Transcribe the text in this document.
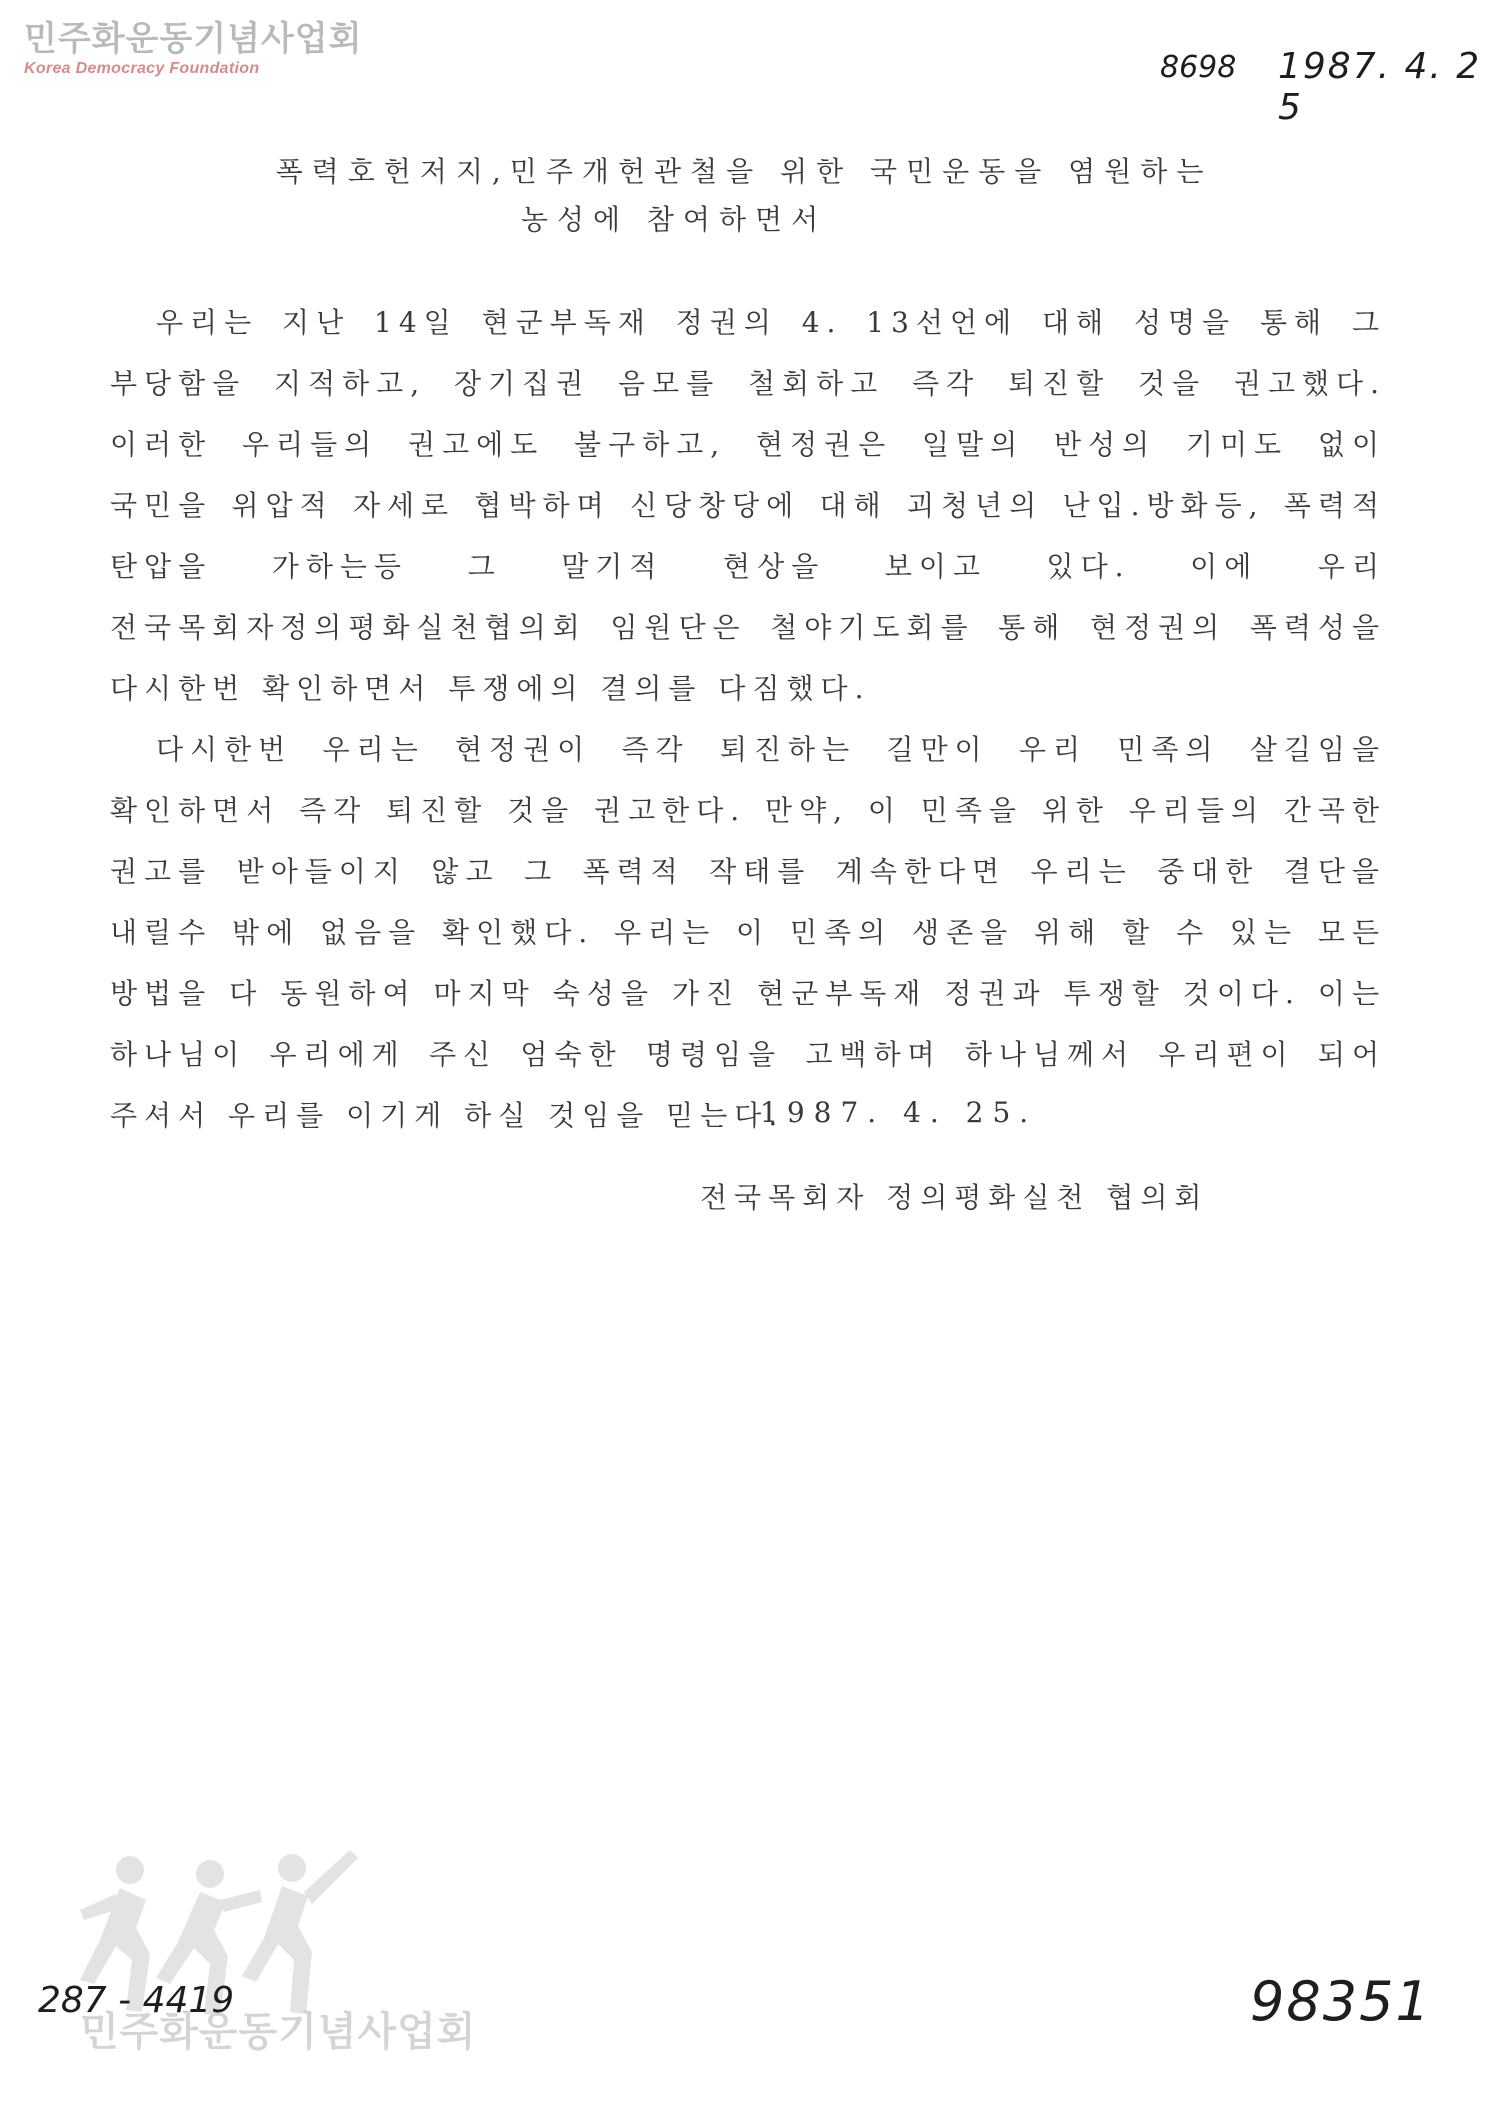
민주화운동기념사업회
Korea Democracy Foundation	8698 1987. 4. 2 5
폭력호헌저지,민주개헌관철을 위한 국민운동을 염원하는
농성에 참여하면서

우리는 지난 14일 현군부독재 정권의 4. 13선언에 대해 성명을 통해 그 부당함을 지적하고, 장기집권 음모를 철회하고 즉각 퇴진할 것을 권고했다. 이러한 우리들의 권고에도 불구하고, 현정권은 일말의 반성의 기미도 없이 국민을 위압적 자세로 협박하며 신당창당에 대해 괴청년의 난입.방화등, 폭력적 탄압을 가하는등 그 말기적 현상을 보이고 있다. 이에 우리 전국목회자정의평화실천협의회 임원단은 철야기도회를 통해 현정권의 폭력성을 다시한번 확인하면서 투쟁에의 결의를 다짐했다.

다시한번 우리는 현정권이 즉각 퇴진하는 길만이 우리 민족의 살길임을 확인하면서 즉각 퇴진할 것을 권고한다. 만약, 이 민족을 위한 우리들의 간곡한 권고를 받아들이지 않고 그 폭력적 작태를 계속한다면 우리는 중대한 결단을 내릴수 밖에 없음을 확인했다. 우리는 이 민족의 생존을 위해 할 수 있는 모든 방법을 다 동원하여 마지막 숙성을 가진 현군부독재 정권과 투쟁할 것이다. 이는 하나님이 우리에게 주신 엄숙한 명령임을 고백하며 하나님께서 우리편이 되어 주셔서 우리를 이기게 하실 것임을 믿는다.

1987. 4. 25.
전국목회자 정의평화실천 협의회
민주화운동기념사업회
287 - 4419	98351
